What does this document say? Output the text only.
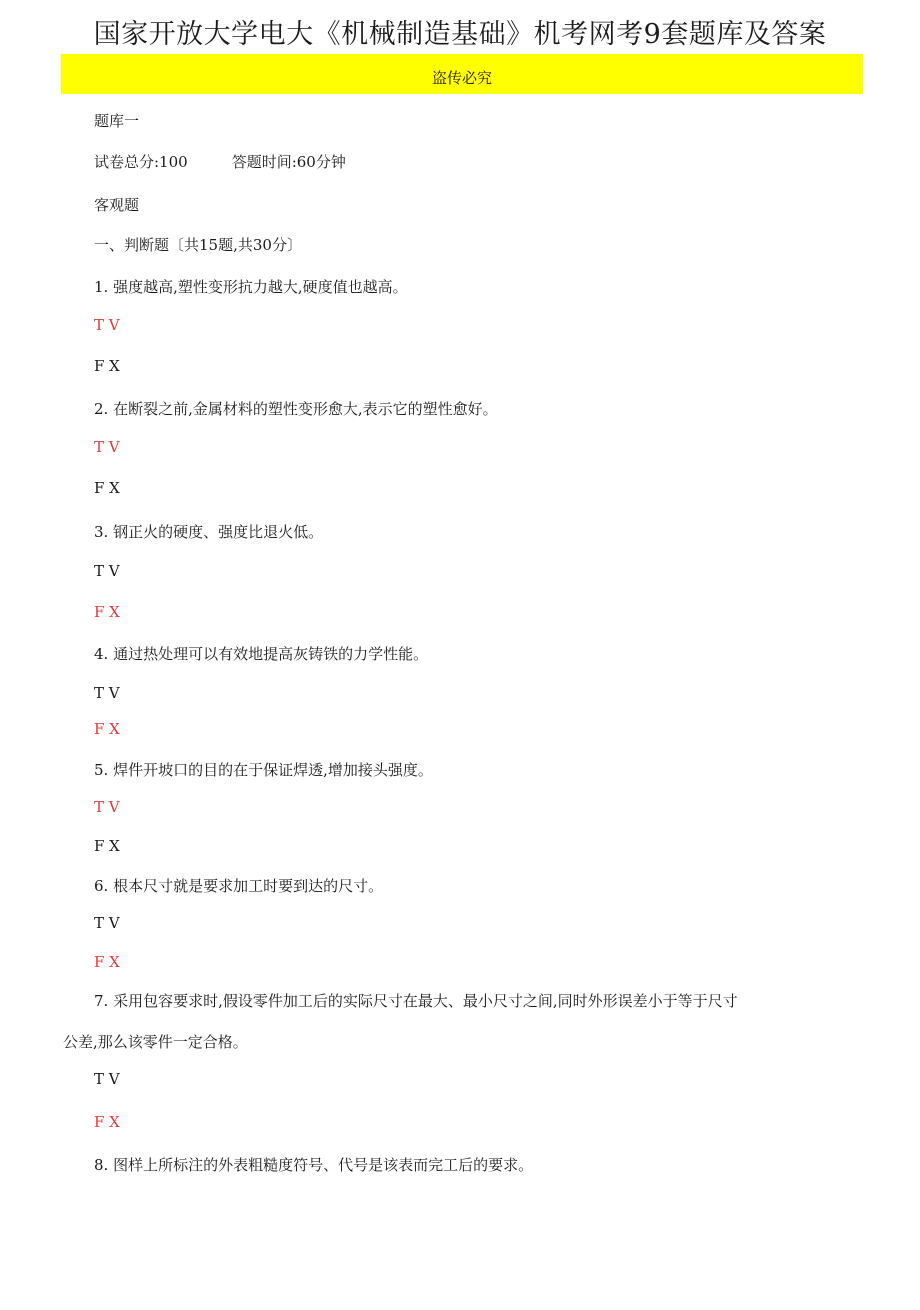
国家开放大学电大《机械制造基础》机考网考9套题库及答案
盗传必究
题库一
试卷总分:100	答题时间:60分钟
客观题
一、判断题〔共15题,共30分〕
1. 强度越高,塑性变形抗力越大,硬度值也越高。
T V
F X
2. 在断裂之前,金属材料的塑性变形愈大,表示它的塑性愈好。
T V
F X
3. 钢正火的硬度、强度比退火低。
T V
F X
4. 通过热处理可以有效地提高灰铸铁的力学性能。
T V
F X
5. 焊件开坡口的目的在于保证焊透,增加接头强度。
T V
F X
6. 根本尺寸就是要求加工时要到达的尺寸。
T V
F X
7. 采用包容要求时,假设零件加工后的实际尺寸在最大、最小尺寸之间,同时外形误差小于等于尺寸
公差,那么该零件一定合格。
T V
F X
8. 图样上所标注的外表粗糙度符号、代号是该表而完工后的要求。
